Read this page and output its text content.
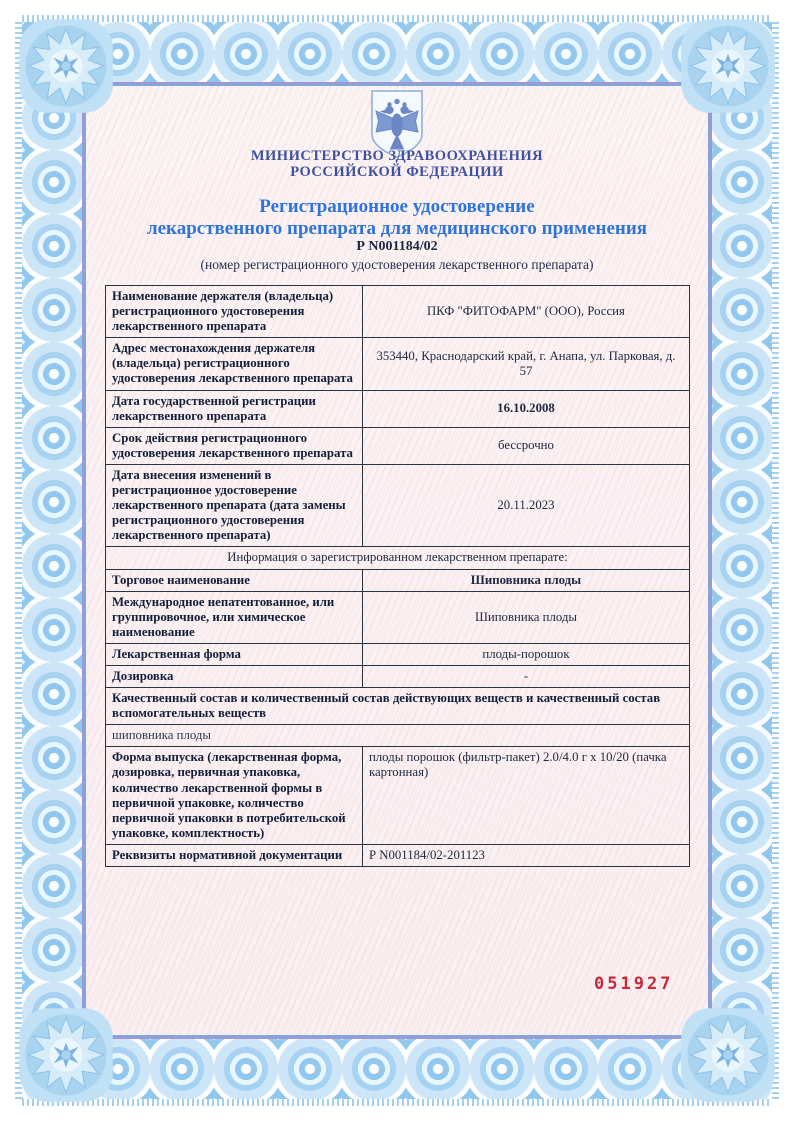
МИНИСТЕРСТВО ЗДРАВООХРАНЕНИЯ
РОССИЙСКОЙ ФЕДЕРАЦИИ
Регистрационное удостоверение
лекарственного препарата для медицинского применения
Р N001184/02
(номер регистрационного удостоверения лекарственного препарата)
Наименование держателя (владельца) регистрационного удостоверения лекарственного препарата	ПКФ "ФИТОФАРМ" (ООО), Россия
Адрес местонахождения держателя (владельца) регистрационного удостоверения лекарственного препарата	353440, Краснодарский край, г. Анапа, ул. Парковая, д. 57
Дата государственной регистрации лекарственного препарата	16.10.2008
Срок действия регистрационного удостоверения лекарственного препарата	бессрочно
Дата внесения изменений в регистрационное удостоверение лекарственного препарата (дата замены регистрационного удостоверения лекарственного препарата)	20.11.2023
Информация о зарегистрированном лекарственном препарате:	
Торговое наименование	Шиповника плоды
Международное непатентованное, или группировочное, или химическое наименование	Шиповника плоды
Лекарственная форма	плоды-порошок
Дозировка	-
Качественный состав и количественный состав действующих веществ и качественный состав вспомогательных веществ	
шиповника плоды	
Форма выпуска (лекарственная форма, дозировка, первичная упаковка, количество лекарственной формы в первичной упаковке, количество первичной упаковки в потребительской упаковке, комплектность)	плоды порошок (фильтр-пакет) 2.0/4.0 г х 10/20 (пачка картонная)
Реквизиты нормативной документации	Р N001184/02-201123
051927
